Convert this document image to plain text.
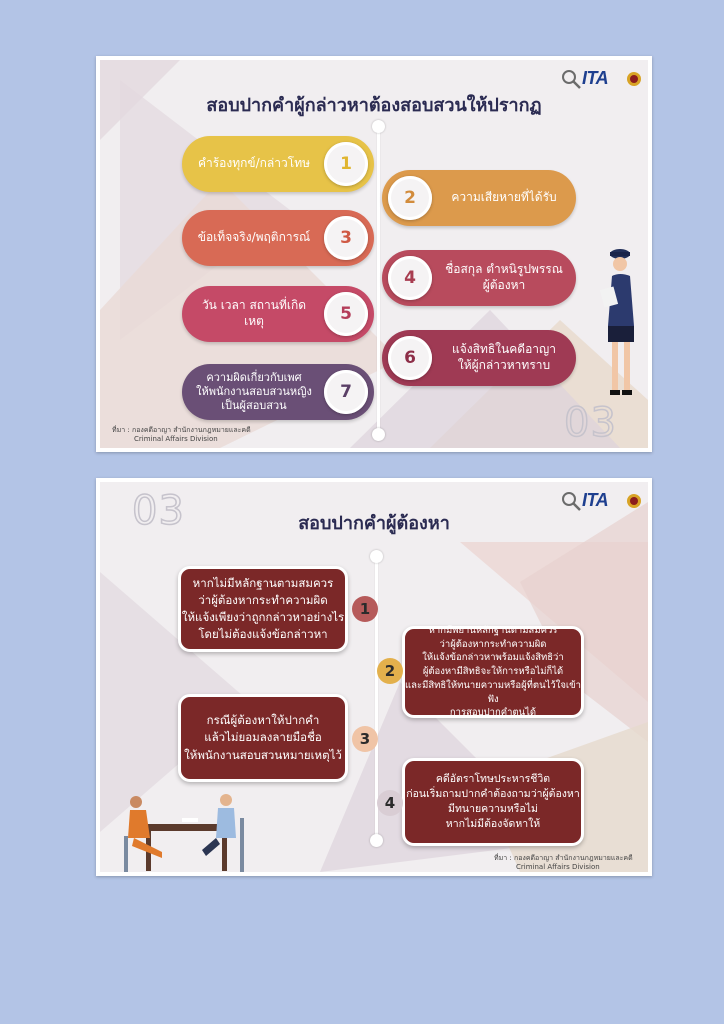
ITA
สอบปากคำผู้กล่าวหาต้องสอบสวนให้ปรากฏ
คำร้องทุกข์/กล่าวโทษ	1
2	ความเสียหายที่ได้รับ
ข้อเท็จจริง/พฤติการณ์	3
4	ชื่อสกุล ตำหนิรูปพรรณ
ผู้ต้องหา
วัน เวลา สถานที่เกิดเหตุ	5
6	แจ้งสิทธิในคดีอาญา
ให้ผู้กล่าวหาทราบ
ความผิดเกี่ยวกับเพศ
ให้พนักงานสอบสวนหญิง
เป็นผู้สอบสวน
7
03
ที่มา : กองคดีอาญา สำนักงานกฎหมายและคดี
Criminal Affairs Division
03	ITA
สอบปากคำผู้ต้องหา
หากไม่มีหลักฐานตามสมควร
ว่าผู้ต้องหากระทำความผิด
ให้แจ้งเพียงว่าถูกกล่าวหาอย่างไร
โดยไม่ต้องแจ้งข้อกล่าวหา
1
หากมีพยานหลักฐานตามสมควร
ว่าผู้ต้องหากระทำความผิด
ให้แจ้งข้อกล่าวหาพร้อมแจ้งสิทธิว่า
ผู้ต้องหามีสิทธิจะให้การหรือไม่ก็ได้
และมีสิทธิให้ทนายความหรือผู้ที่ตนไว้ใจเข้าฟัง
การสอบปากคำตนได้
2
กรณีผู้ต้องหาให้ปากคำ
แล้วไม่ยอมลงลายมือชื่อ
ให้พนักงานสอบสวนหมายเหตุไว้
3
คดีอัตราโทษประหารชีวิต
ก่อนเริ่มถามปากคำต้องถามว่าผู้ต้องหา
มีทนายความหรือไม่
หากไม่มีต้องจัดหาให้
4
ที่มา : กองคดีอาญา สำนักงานกฎหมายและคดี
Criminal Affairs Division
